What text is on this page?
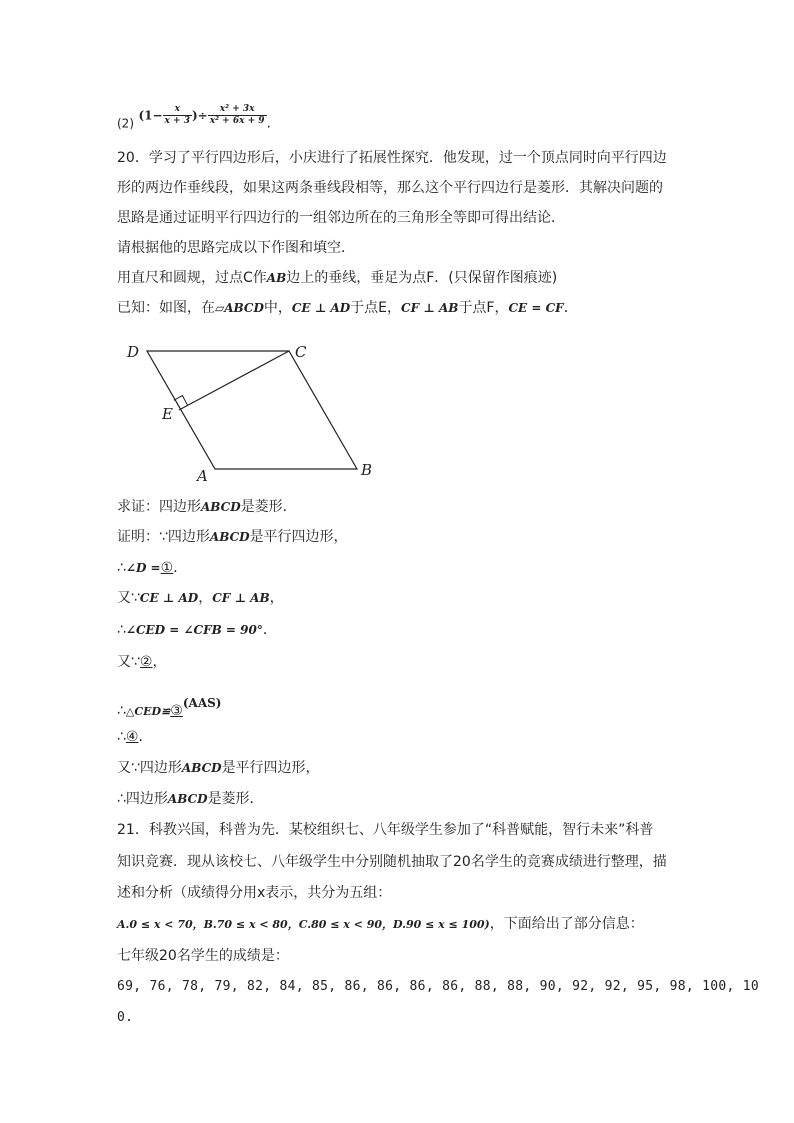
(2) ($1- \frac{x}{x + 3}$ )÷ $\frac{\text{x² + 3x}}{\text{x² + 6x + 9}}$ .
20．学习了平行四边形后，小庆进行了拓展性探究．他发现，过一个顶点同时向平行四边
形的两边作垂线段，如果这两条垂线段相等，那么这个平行四边行是菱形．其解决问题的
思路是通过证明平行四边行的一组邻边所在的三角形全等即可得出结论．
请根据他的思路完成以下作图和填空．
用直尺和圆规，过点C作AB边上的垂线，垂足为点F．(只保留作图痕迹)
已知：如图，在▱ABCD中，CE ⊥ AD于点E，CF ⊥ AB于点F，CE = CF．
D	C
E
A	B
求证：四边形ABCD是菱形．
证明：∵四边形ABCD是平行四边形，
∴∠D =①．
又∵CE ⊥ AD，CF ⊥ AB，
∴∠CED = ∠CFB = 90°．
又∵②，
∴△CED≌③(AAS)
∴④．
又∵四边形ABCD是平行四边形，
∴四边形ABCD是菱形．
21．科教兴国，科普为先．某校组织七、八年级学生参加了“科普赋能，智行未来”科普
知识竞赛．现从该校七、八年级学生中分别随机抽取了20名学生的竞赛成绩进行整理，描
述和分析（成绩得分用x表示，共分为五组：
A.0 ≤ x < 70，B.70 ≤ x < 80，C.80 ≤ x < 90，D.90 ≤ x ≤ 100)，下面给出了部分信息：
七年级20名学生的成绩是：
69, 76, 78, 79, 82, 84, 85, 86, 86, 86, 86, 88, 88, 90, 92, 92, 95, 98, 100, 10
0.
